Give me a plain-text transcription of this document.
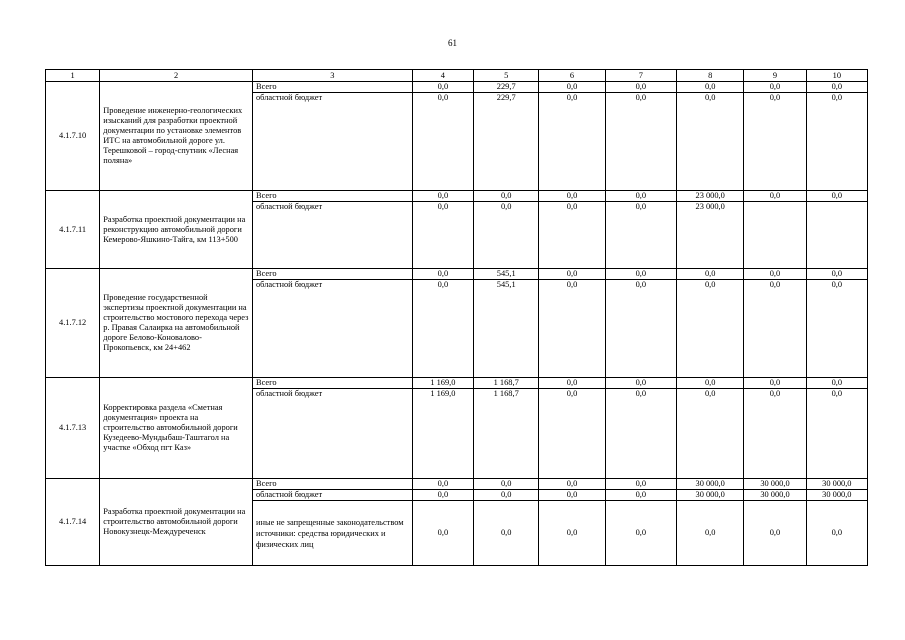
61
1	2	3	4	5	6	7	8	9	10
4.1.7.10	Проведение инженерно-геологических изысканий для разработки проектной документации по установке элементов ИТС на автомобильной дороге ул. Терешковой – город-спутник «Лесная поляна»	Всего	0,0	229,7	0,0	0,0	0,0	0,0	0,0
		областной бюджет	0,0	229,7	0,0	0,0	0,0	0,0	0,0
4.1.7.11	Разработка проектной документации на реконструкцию автомобильной дороги Кемерово-Яшкино-Тайга, км 113+500	Всего	0,0	0,0	0,0	0,0	23 000,0	0,0	0,0
		областной бюджет	0,0	0,0	0,0	0,0	23 000,0		
4.1.7.12	Проведение государственной экспертизы проектной документации на строительство мостового перехода через р. Правая Салаирка на автомобильной дороге Белово-Коновалово-Прокопьевск, км 24+462	Всего	0,0	545,1	0,0	0,0	0,0	0,0	0,0
		областной бюджет	0,0	545,1	0,0	0,0	0,0	0,0	0,0
4.1.7.13	Корректировка раздела «Сметная документация» проекта на строительство автомобильной дороги Кузедеево-Мундыбаш-Таштагол на участке «Обход пгт Каз»	Всего	1 169,0	1 168,7	0,0	0,0	0,0	0,0	0,0
		областной бюджет	1 169,0	1 168,7	0,0	0,0	0,0	0,0	0,0
4.1.7.14	Разработка проектной документации на строительство автомобильной дороги Новокузнецк-Междуреченск	Всего	0,0	0,0	0,0	0,0	30 000,0	30 000,0	30 000,0
		областной бюджет	0,0	0,0	0,0	0,0	30 000,0	30 000,0	30 000,0
		иные не запрещенные законодательством источники: средства юридических и физических лиц	0,0	0,0	0,0	0,0	0,0	0,0	0,0
